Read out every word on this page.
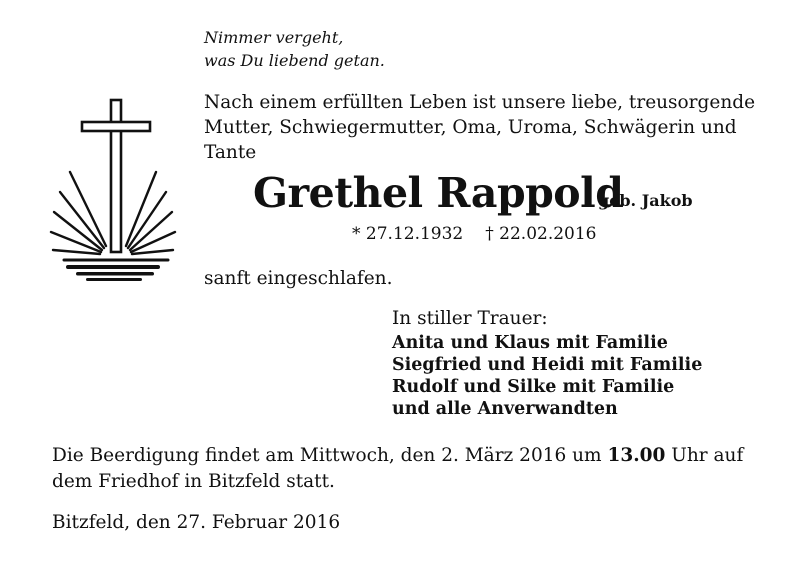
Nimmer vergeht,
was Du liebend getan.
Nach einem erfüllten Leben ist unsere liebe, treusorgende
Mutter, Schwiegermutter, Oma, Uroma, Schwägerin und
Tante
Grethel Rappold
geb. Jakob
* 27.12.1932 † 22.02.2016
sanft eingeschlafen.
In stiller Trauer:
Anita und Klaus mit Familie
Siegfried und Heidi mit Familie
Rudolf und Silke mit Familie
und alle Anverwandten
Die Beerdigung findet am Mittwoch, den 2. März 2016 um 13.00 Uhr auf
dem Friedhof in Bitzfeld statt.
Bitzfeld, den 27. Februar 2016
